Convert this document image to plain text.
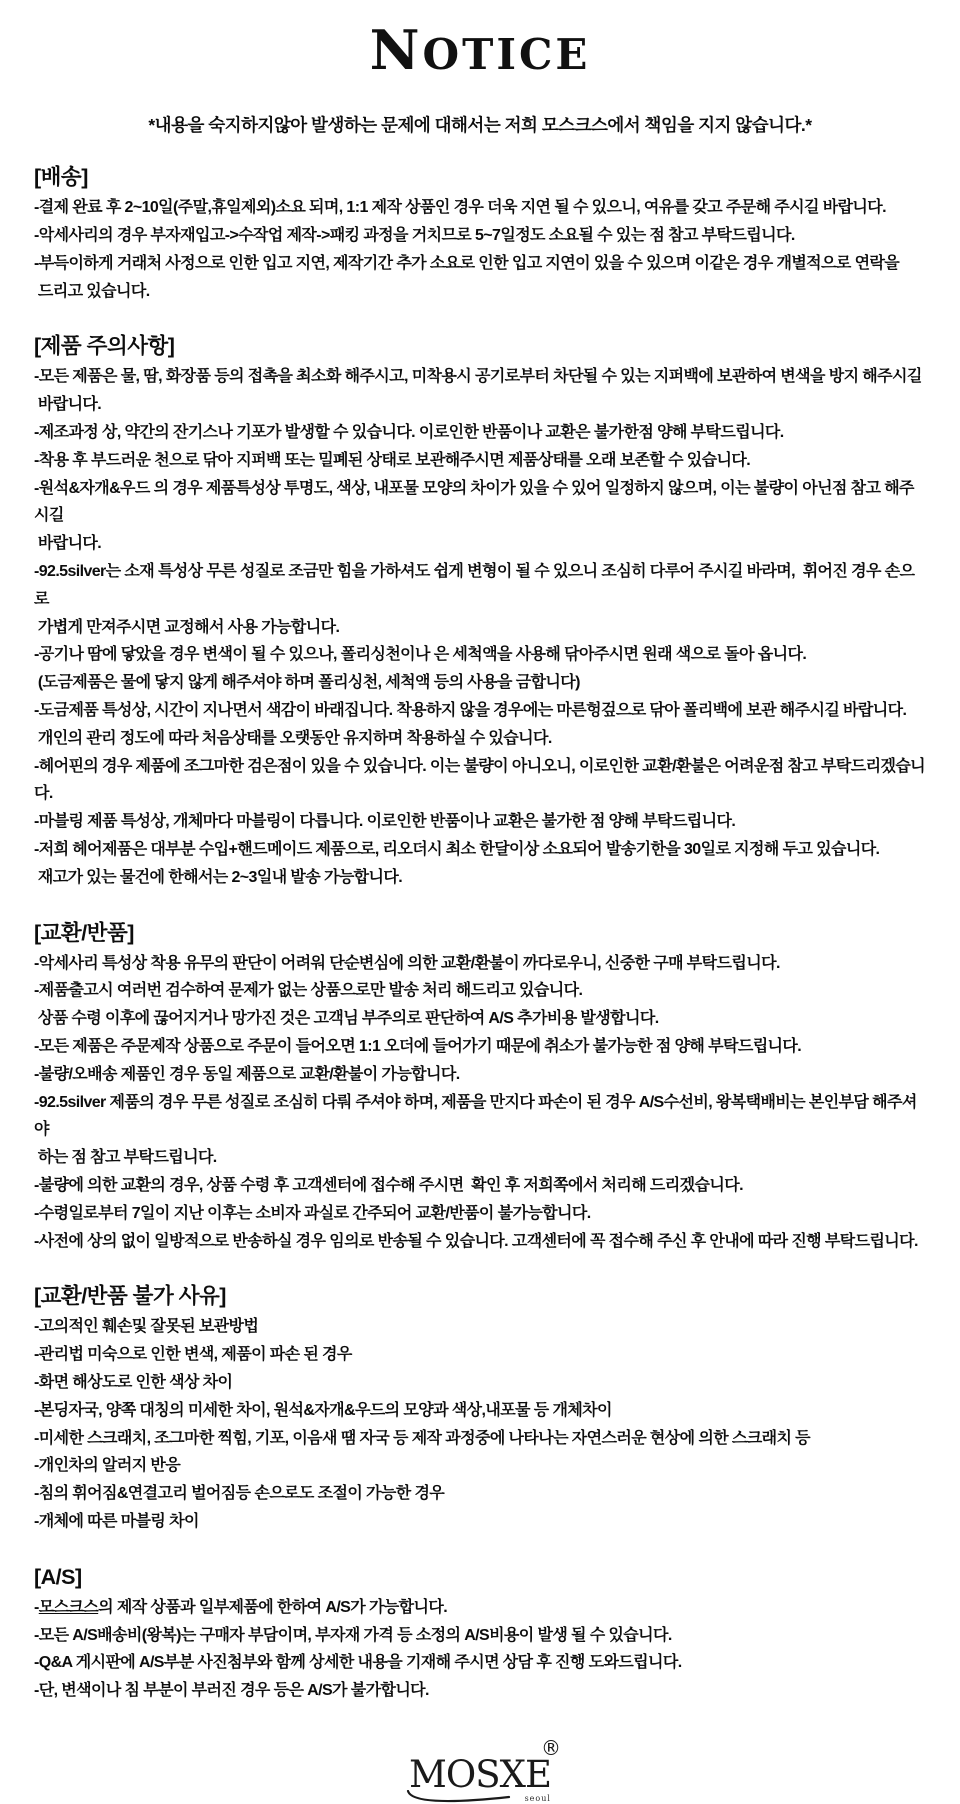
NOTICE
*내용을 숙지하지않아 발생하는 문제에 대해서는 저희 모스크스에서 책임을 지지 않습니다.*
[배송]
-결제 완료 후 2~10일(주말,휴일제외)소요 되며, 1:1 제작 상품인 경우 더욱 지연 될 수 있으니, 여유를 갖고 주문해 주시길 바랍니다.
-악세사리의 경우 부자재입고->수작업 제작->패킹 과정을 거치므로 5~7일정도 소요될 수 있는 점 참고 부탁드립니다.
-부득이하게 거래처 사정으로 인한 입고 지연, 제작기간 추가 소요로 인한 입고 지연이 있을 수 있으며 이같은 경우 개별적으로 연락을
드리고 있습니다.
[제품 주의사항]
-모든 제품은 물, 땀, 화장품 등의 접촉을 최소화 해주시고, 미착용시 공기로부터 차단될 수 있는 지퍼백에 보관하여 변색을 방지 해주시길
바랍니다.
-제조과정 상, 약간의 잔기스나 기포가 발생할 수 있습니다. 이로인한 반품이나 교환은 불가한점 양해 부탁드립니다.
-착용 후 부드러운 천으로 닦아 지퍼백 또는 밀폐된 상태로 보관해주시면 제품상태를 오래 보존할 수 있습니다.
-원석&자개&우드 의 경우 제품특성상 투명도, 색상, 내포물 모양의 차이가 있을 수 있어 일정하지 않으며, 이는 불량이 아닌점 참고 해주시길
바랍니다.
-92.5silver는 소재 특성상 무른 성질로 조금만 힘을 가하셔도 쉽게 변형이 될 수 있으니 조심히 다루어 주시길 바라며,  휘어진 경우 손으로
가볍게 만져주시면 교정해서 사용 가능합니다.
-공기나 땀에 닿았을 경우 변색이 될 수 있으나, 폴리싱천이나 은 세척액을 사용해 닦아주시면 원래 색으로 돌아 옵니다.
(도금제품은 물에 닿지 않게 해주셔야 하며 폴리싱천, 세척액 등의 사용을 금합니다)
-도금제품 특성상, 시간이 지나면서 색감이 바래집니다. 착용하지 않을 경우에는 마른헝겊으로 닦아 폴리백에 보관 해주시길 바랍니다.
개인의 관리 정도에 따라 처음상태를 오랫동안 유지하며 착용하실 수 있습니다.
-헤어핀의 경우 제품에 조그마한 검은점이 있을 수 있습니다. 이는 불량이 아니오니, 이로인한 교환/환불은 어려운점 참고 부탁드리겠습니다.
-마블링 제품 특성상, 개체마다 마블링이 다릅니다. 이로인한 반품이나 교환은 불가한 점 양해 부탁드립니다.
-저희 헤어제품은 대부분 수입+핸드메이드 제품으로, 리오더시 최소 한달이상 소요되어 발송기한을 30일로 지정해 두고 있습니다.
재고가 있는 물건에 한해서는 2~3일내 발송 가능합니다.
[교환/반품]
-악세사리 특성상 착용 유무의 판단이 어려워 단순변심에 의한 교환/환불이 까다로우니, 신중한 구매 부탁드립니다.
-제품출고시 여러번 검수하여 문제가 없는 상품으로만 발송 처리 해드리고 있습니다.
상품 수령 이후에 끊어지거나 망가진 것은 고객님 부주의로 판단하여 A/S 추가비용 발생합니다.
-모든 제품은 주문제작 상품으로 주문이 들어오면 1:1 오더에 들어가기 때문에 취소가 불가능한 점 양해 부탁드립니다.
-불량/오배송 제품인 경우 동일 제품으로 교환/환불이 가능합니다.
-92.5silver 제품의 경우 무른 성질로 조심히 다뤄 주셔야 하며, 제품을 만지다 파손이 된 경우 A/S수선비, 왕복택배비는 본인부담 해주셔야
하는 점 참고 부탁드립니다.
-불량에 의한 교환의 경우, 상품 수령 후 고객센터에 접수해 주시면  확인 후 저희쪽에서 처리해 드리겠습니다.
-수령일로부터 7일이 지난 이후는 소비자 과실로 간주되어 교환/반품이 불가능합니다.
-사전에 상의 없이 일방적으로 반송하실 경우 임의로 반송될 수 있습니다. 고객센터에 꼭 접수해 주신 후 안내에 따라 진행 부탁드립니다.
[교환/반품 불가 사유]
-고의적인 훼손및 잘못된 보관방법
-관리법 미숙으로 인한 변색, 제품이 파손 된 경우
-화면 해상도로 인한 색상 차이
-본딩자국, 양쪽 대칭의 미세한 차이, 원석&자개&우드의 모양과 색상,내포물 등 개체차이
-미세한 스크래치, 조그마한 찍힘, 기포, 이음새 땜 자국 등 제작 과정중에 나타나는 자연스러운 현상에 의한 스크래치 등
-개인차의 알러지 반응
-침의 휘어짐&연결고리 벌어짐등 손으로도 조절이 가능한 경우
-개체에 따른 마블링 차이
[A/S]
-모스크스의 제작 상품과 일부제품에 한하여 A/S가 가능합니다.
-모든 A/S배송비(왕복)는 구매자 부담이며, 부자재 가격 등 소정의 A/S비용이 발생 될 수 있습니다.
-Q&A 게시판에 A/S부분 사진첨부와 함께 상세한 내용을 기재해 주시면 상담 후 진행 도와드립니다.
-단, 변색이나 침 부분이 부러진 경우 등은 A/S가 불가합니다.
MOSXE
®
seoul
